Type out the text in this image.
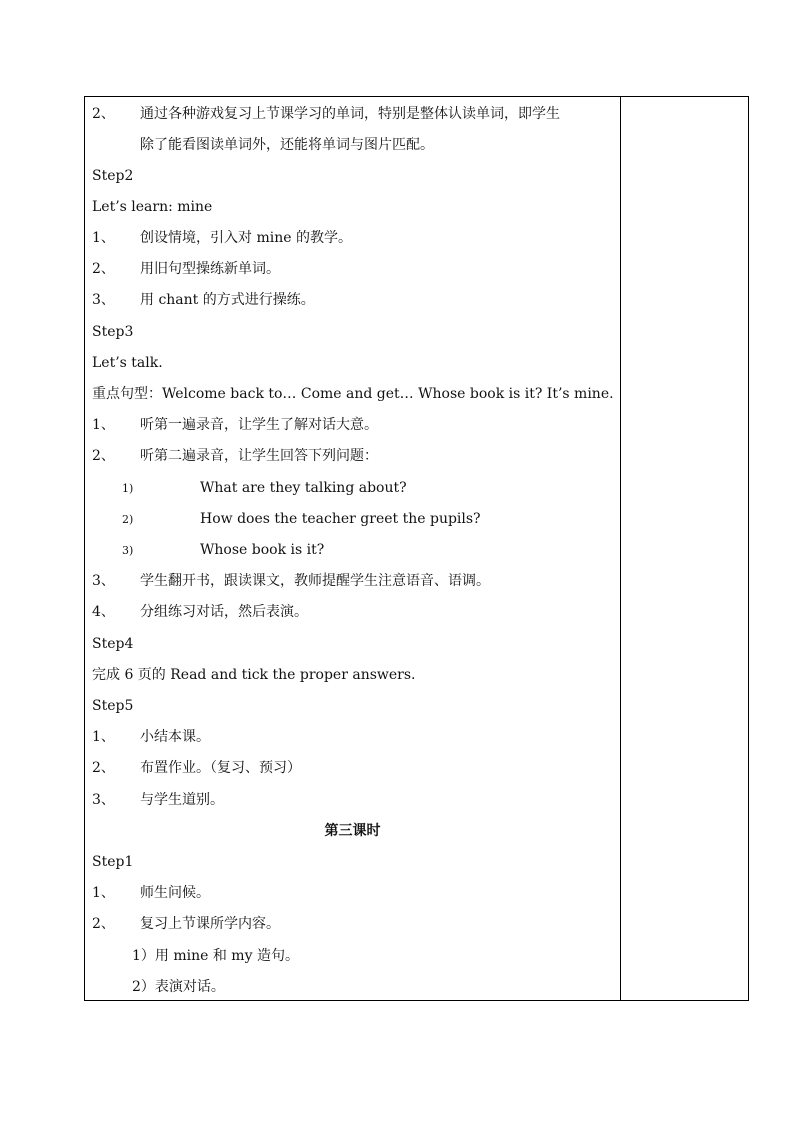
2、 通过各种游戏复习上节课学习的单词，特别是整体认读单词，即学生
除了能看图读单词外，还能将单词与图片匹配。
Step2
Let’s learn: mine
1、 创设情境，引入对 mine 的教学。
2、 用旧句型操练新单词。
3、 用 chant 的方式进行操练。
Step3
Let’s talk.
重点句型：Welcome back to… Come and get… Whose book is it? It’s mine.
1、 听第一遍录音，让学生了解对话大意。
2、 听第二遍录音，让学生回答下列问题：
1)	What are they talking about?
2)	How does the teacher greet the pupils?
3)	Whose book is it?
3、 学生翻开书，跟读课文，教师提醒学生注意语音、语调。
4、 分组练习对话，然后表演。
Step4
完成 6 页的 Read and tick the proper answers.
Step5
1、 小结本课。
2、 布置作业。（复习、预习）
3、 与学生道别。
第三课时
Step1
1、 师生问候。
2、 复习上节课所学内容。
1）用 mine 和 my 造句。
2）表演对话。
